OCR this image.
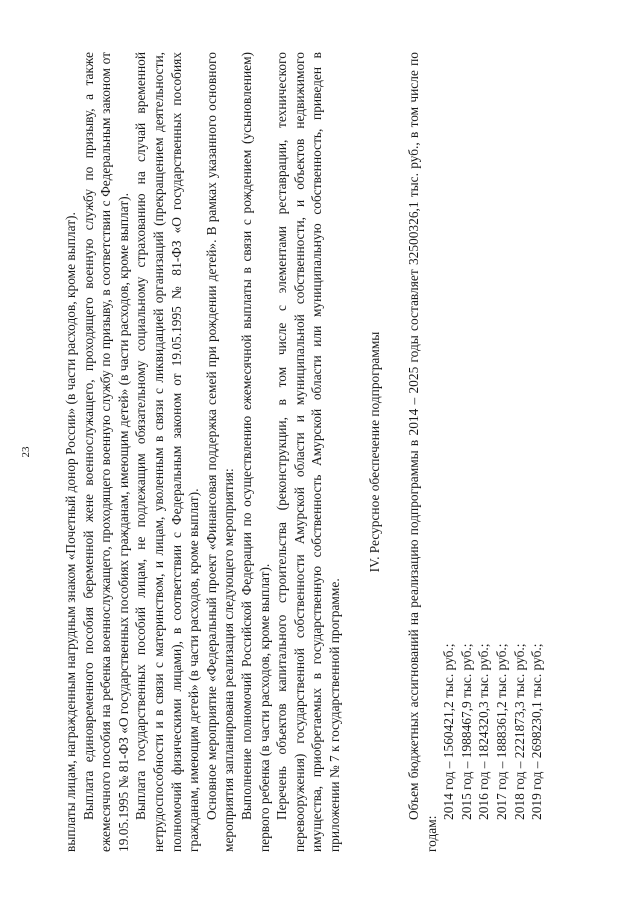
23 выплаты лицам, награжденным нагрудным знаком «Почетный донор России» (в части расходов, кроме выплат). Выплата единовременного пособия беременной жене военнослужащего, проходящего военную службу по призыву, а также ежемесячного пособия на ребенка военнослужащего, проходящего военную службу по призыву, в соответствии с Федеральным законом от 19.05.1995 № 81-ФЗ «О государственных пособиях гражданам, имеющим детей» (в части расходов, кроме выплат). Выплата государственных пособий лицам, не подлежащим обязательному социальному страхованию на случай временной нетрудоспособности и в связи с материнством, и лицам, уволенным в связи с ликвидацией организаций (прекращением деятельности, полномочий физическими лицами), в соответствии с Федеральным законом от 19.05.1995 № 81-ФЗ «О государственных пособиях гражданам, имеющим детей» (в части расходов, кроме выплат). Основное мероприятие «Федеральный проект «Финансовая поддержка семей при рождении детей». В рамках указанного основного мероприятия запланирована реализация следующего мероприятия: Выполнение полномочий Российской Федерации по осуществлению ежемесячной выплаты в связи с рождением (усыновлением) первого ребенка (в части расходов, кроме выплат). Перечень объектов капитального строительства (реконструкции, в том числе с элементами реставрации, технического перевооружения) государственной собственности Амурской области и муниципальной собственности, и объектов недвижимого имущества, приобретаемых в государственную собственность Амурской области или муниципальную собственность, приведен в приложении № 7 к государственной программе.

IV. Ресурсное обеспечение подпрограммы Объем бюджетных ассигнований на реализацию подпрограммы в 2014 – 2025 годы составляет 32500326,1 тыс. руб., в том числе по годам:

2014 год – 1560421,2 тыс. руб.; 2015 год – 1988467,9 тыс. руб.; 2016 год – 1824320,3 тыс. руб.; 2017 год – 1888361,2 тыс. руб.; 2018 год – 2221873,3 тыс. руб.; 2019 год – 2698230,1 тыс. руб.;
